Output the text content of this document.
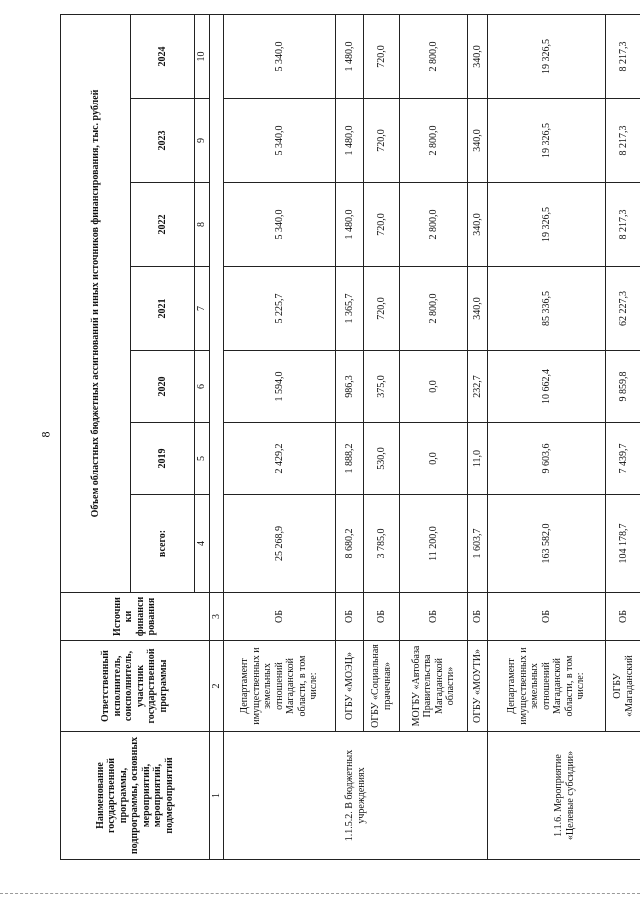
8
Наименование государственной программы, подпрограммы, основных мероприятий, мероприятий, подмероприятий	Ответственный исполнитель, соисполнитель, участник государственной программы	Источники финансирования	Объем областных бюджетных ассигнований и иных источников финансирования, тыс. рублей						
			всего:	2019	2020	2021	2022	2023	2024
			4	5	6	7	8	9	10
1	2	3							
1.1.5.2. В бюджетных учреждениях	Департамент имущественных и земельных отношений Магаданской области, в том числе:	ОБ	25 268,9	2 429,2	1 594,0	5 225,7	5 340,0	5 340,0	5 340,0
	ОГБУ «МОЭЦ»	ОБ	8 680,2	1 888,2	986,3	1 365,7	1 480,0	1 480,0	1 480,0
	ОГБУ «Социальная прачечная»	ОБ	3 785,0	530,0	375,0	720,0	720,0	720,0	720,0
	МОГБУ «Автобаза Правительства Магаданской области»	ОБ	11 200,0	0,0	0,0	2 800,0	2 800,0	2 800,0	2 800,0
	ОГБУ «МОУТИ»	ОБ	1 603,7	11,0	232,7	340,0	340,0	340,0	340,0
1.1.6. Мероприятие «Целевые субсидии»	Департамент имущественных и земельных отношений Магаданской области, в том числе:	ОБ	163 582,0	9 603,6	10 662,4	85 336,5	19 326,5	19 326,5	19 326,5
	ОГБУ «Магаданский	ОБ	104 178,7	7 439,7	9 859,8	62 227,3	8 217,3	8 217,3	8 217,3
